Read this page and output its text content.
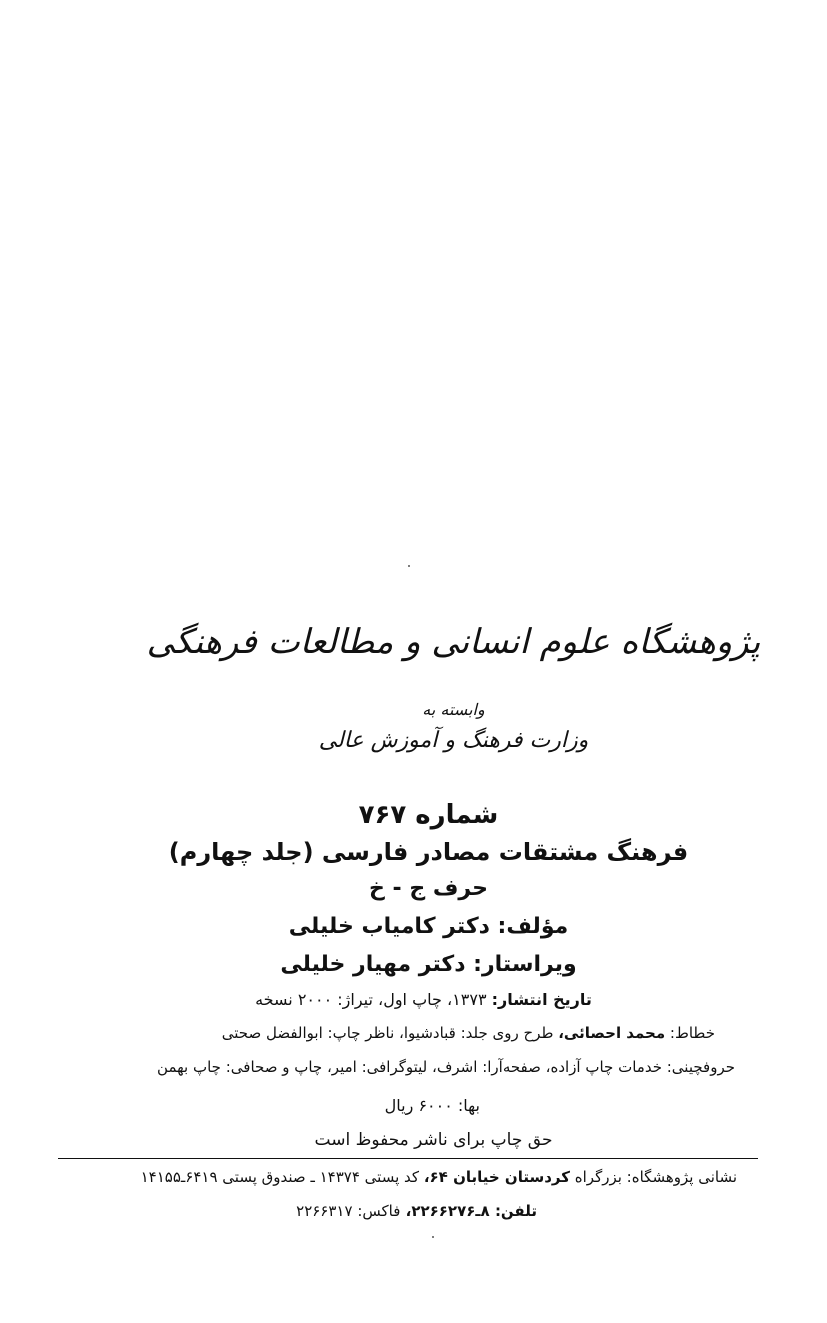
پژوهشگاه علوم انسانی و مطالعات فرهنگی
وابسته به
وزارت فرهنگ و آموزش عالی
شماره ۷۶۷
فرهنگ مشتقات مصادر فارسی (جلد چهارم)
حرف ج - خ
مؤلف: دکتر کامیاب خلیلی
ویراستار: دکتر مهیار خلیلی
تاریخ انتشار: ۱۳۷۳، چاپ اول، تیراژ: ۲۰۰۰ نسخه
خطاط: محمد احصائی، طرح روی جلد: قبادشیوا، ناظر چاپ: ابوالفضل صحتی
حروفچینی: خدمات چاپ آزاده، صفحه‌آرا: اشرف، لیتوگرافی: امیر، چاپ و صحافی: چاپ بهمن
بها: ۶۰۰۰ ریال
حق چاپ برای ناشر محفوظ است
نشانی پژوهشگاه: بزرگراه کردستان خیابان ۶۴، کد پستی ۱۴۳۷۴ ـ صندوق پستی ۶۴۱۹ـ۱۴۱۵۵
تلفن: ۸ـ۲۲۶۶۲۷۶، فاکس: ۲۲۶۶۳۱۷
